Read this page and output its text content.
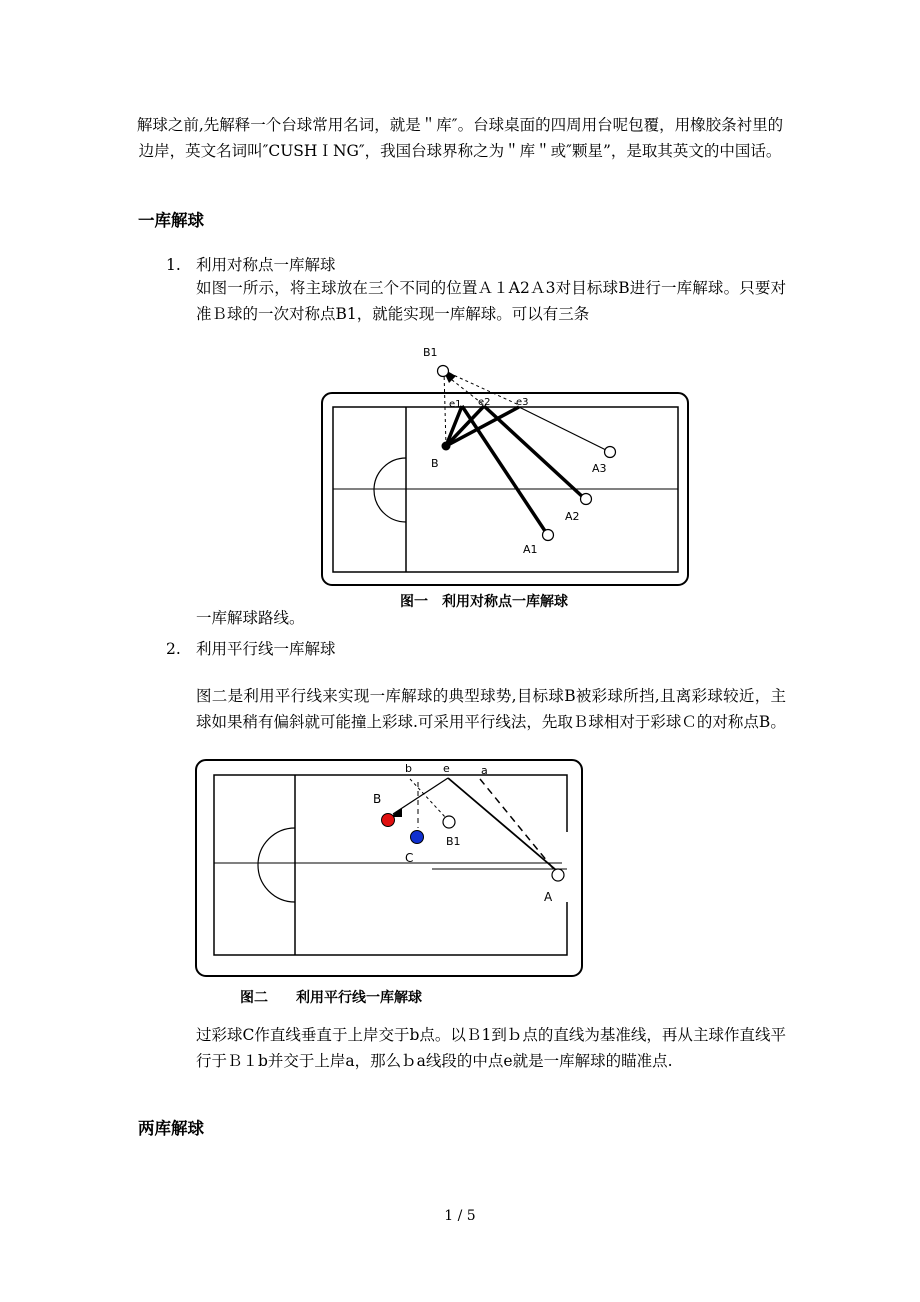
解球之前,先解释一个台球常用名词，就是＂库″。台球桌面的四周用台呢包覆，用橡胶条衬里的边岸，英文名词叫″CUSHＩNG″，我国台球界称之为＂库＂或″颗星”，是取其英文的中国话。

一库解球
1. 利用对称点一库解球

如图一所示，将主球放在三个不同的位置Ａ１A2Ａ3对目标球B进行一库解球。只要对准Ｂ球的一次对称点B1，就能实现一库解球。可以有三条

B1
B
e1 e2	e3
A1
A2
A3
图一　利用对称点一库解球

一库解球路线。

2. 利用平行线一库解球

图二是利用平行线来实现一库解球的典型球势,目标球B被彩球所挡,且离彩球较近，主球如果稍有偏斜就可能撞上彩球.可采用平行线法，先取Ｂ球相对于彩球Ｃ的对称点B。

b	e	a
B
C
B1
A
图二　　利用平行线一库解球

过彩球C作直线垂直于上岸交于b点。以Ｂ1到ｂ点的直线为基准线，再从主球作直线平行于Ｂ１b并交于上岸a，那么ｂa线段的中点e就是一库解球的瞄准点.

两库解球
1 / 5
